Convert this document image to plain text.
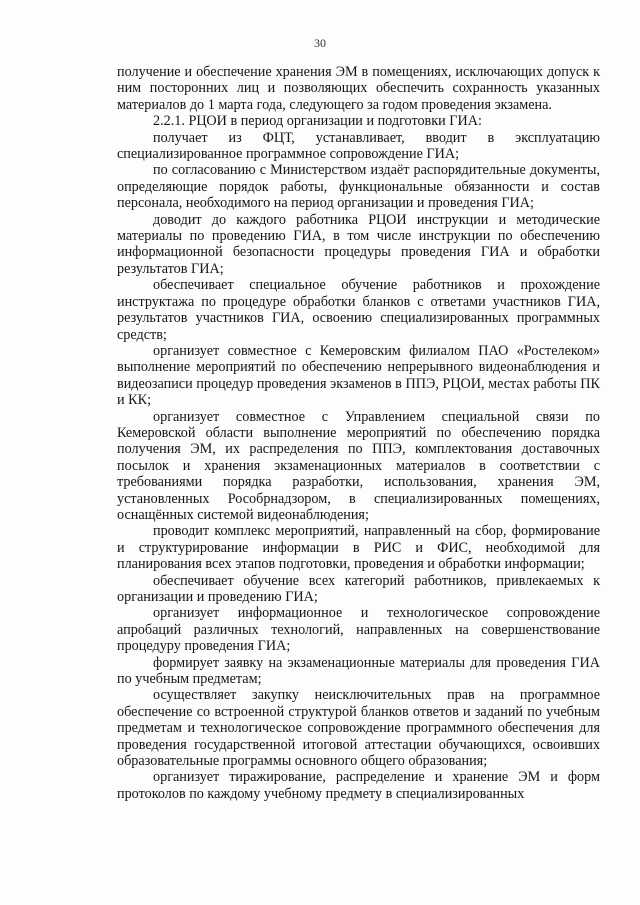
30

получение и обеспечение хранения ЭМ в помещениях, исключающих допуск к ним посторонних лиц и позволяющих обеспечить сохранность указанных материалов до 1 марта года, следующего за годом проведения экзамена.

2.2.1. РЦОИ в период организации и подготовки ГИА:

получает из ФЦТ, устанавливает, вводит в эксплуатацию специализированное программное сопровождение ГИА;

по согласованию с Министерством издаёт распорядительные документы, определяющие порядок работы, функциональные обязанности и состав персонала, необходимого на период организации и проведения ГИА;

доводит до каждого работника РЦОИ инструкции и методические материалы по проведению ГИА, в том числе инструкции по обеспечению информационной безопасности процедуры проведения ГИА и обработки результатов ГИА;

обеспечивает специальное обучение работников и прохождение инструктажа по процедуре обработки бланков с ответами участников ГИА, результатов участников ГИА, освоению специализированных программных средств;

организует совместное с Кемеровским филиалом ПАО «Ростелеком» выполнение мероприятий по обеспечению непрерывного видеонаблюдения и видеозаписи процедур проведения экзаменов в ППЭ, РЦОИ, местах работы ПК и КК;

организует совместное с Управлением специальной связи по Кемеровской области выполнение мероприятий по обеспечению порядка получения ЭМ, их распределения по ППЭ, комплектования доставочных посылок и хранения экзаменационных материалов в соответствии с требованиями порядка разработки, использования, хранения ЭМ, установленных Рособрнадзором, в специализированных помещениях, оснащённых системой видеонаблюдения;

проводит комплекс мероприятий, направленный на сбор, формирование и структурирование информации в РИС и ФИС, необходимой для планирования всех этапов подготовки, проведения и обработки информации;

обеспечивает обучение всех категорий работников, привлекаемых к организации и проведению ГИА;

организует информационное и технологическое сопровождение апробаций различных технологий, направленных на совершенствование процедуру проведения ГИА;

формирует заявку на экзаменационные материалы для проведения ГИА по учебным предметам;

осуществляет закупку неисключительных прав на программное обеспечение со встроенной структурой бланков ответов и заданий по учебным предметам и технологическое сопровождение программного обеспечения для проведения государственной итоговой аттестации обучающихся, освоивших образовательные программы основного общего образования;

организует тиражирование, распределение и хранение ЭМ и форм протоколов по каждому учебному предмету в специализированных
